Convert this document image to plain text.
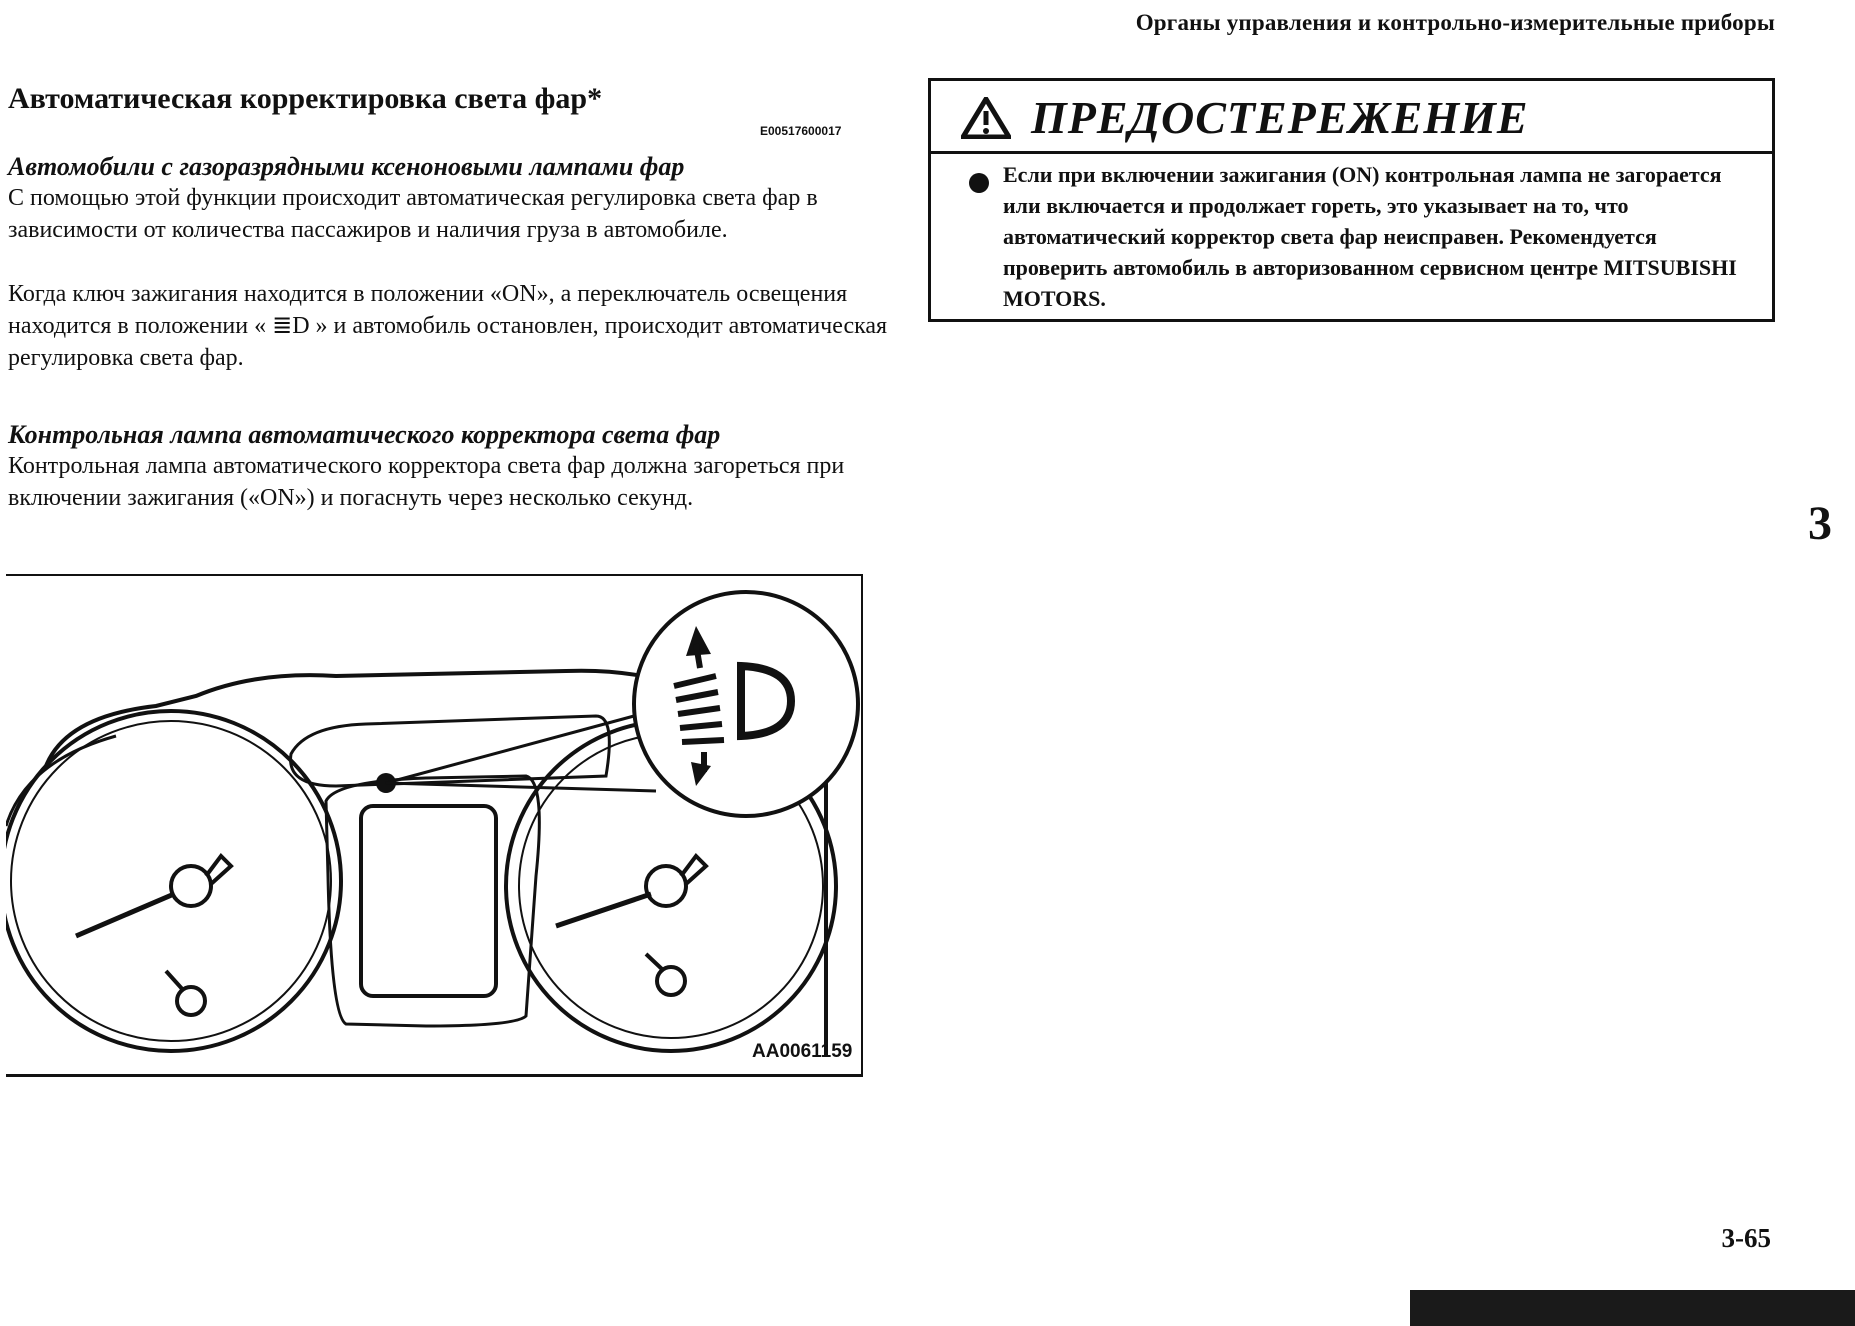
Органы управления и контрольно-измерительные приборы
Автоматическая корректировка света фар*
E00517600017
Автомобили с газоразрядными ксеноновыми лампами фар
С помощью этой функции происходит автоматическая регулировка света фар в зависимости от количества пассажиров и наличия груза в автомобиле.
Когда ключ зажигания находится в положении «ON», а переключатель освещения находится в положении « ≣D » и автомобиль остановлен, происходит автоматическая регулировка света фар.
Контрольная лампа автоматического корректора света фар
Контрольная лампа автоматического корректора света фар должна загореться при включении зажигания («ON») и погаснуть через несколько секунд.
AA0061159
ПРЕДОСТЕРЕЖЕНИЕ
Если при включении зажигания (ON) контрольная лампа не загорается или включается и продолжает гореть, это указывает на то, что автоматический корректор света фар неисправен. Рекомендуется проверить автомобиль в авторизованном сервисном центре MITSUBISHI MOTORS.
3
3-65
